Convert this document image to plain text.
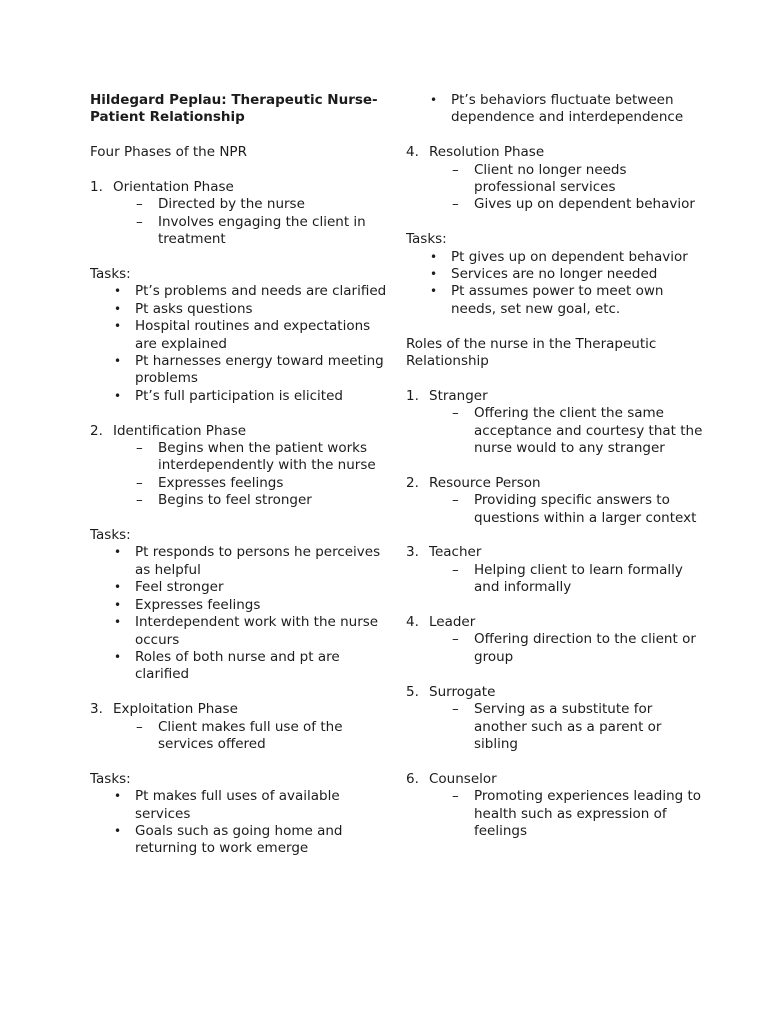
Hildegard Peplau: Therapeutic Nurse-Patient Relationship

Four Phases of the NPR
1. Orientation Phase
–	Directed by the nurse
–	Involves engaging the client in treatment
Tasks:
•	Pt’s problems and needs are clarified
•	Pt asks questions
•	Hospital routines and expectations are explained
•	Pt harnesses energy toward meeting problems
•	Pt’s full participation is elicited
2. Identification Phase
–	Begins when the patient works interdependently with the nurse
–	Expresses feelings
–	Begins to feel stronger
Tasks:
•	Pt responds to persons he perceives as helpful
•	Feel stronger
•	Expresses feelings
•	Interdependent work with the nurse occurs
•	Roles of both nurse and pt are clarified
3. Exploitation Phase
–	Client makes full use of the services offered
Tasks:
•	Pt makes full uses of available services
•	Goals such as going home and returning to work emerge
•	Pt’s behaviors fluctuate between dependence and interdependence
4. Resolution Phase
–	Client no longer needs professional services
–	Gives up on dependent behavior
Tasks:
•	Pt gives up on dependent behavior
•	Services are no longer needed
•	Pt assumes power to meet own needs, set new goal, etc.
Roles of the nurse in the Therapeutic Relationship
1. Stranger
–	Offering the client the same acceptance and courtesy that the nurse would to any stranger
2. Resource Person
–	Providing specific answers to questions within a larger context
3. Teacher
–	Helping client to learn formally and informally
4. Leader
–	Offering direction to the client or group
5. Surrogate
–	Serving as a substitute for another such as a parent or sibling
6. Counselor
–	Promoting experiences leading to health such as expression of feelings
